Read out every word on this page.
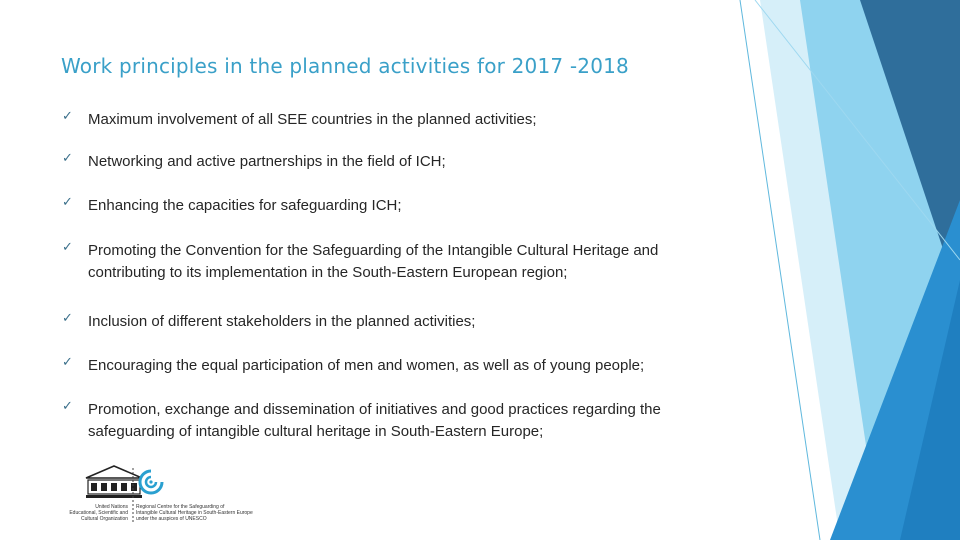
Work principles in the planned activities for 2017 -2018
✓ Maximum involvement of all SEE countries in the planned activities;
✓ Networking and active partnerships in the field of ICH;
✓ Enhancing the capacities for safeguarding ICH;
✓ Promoting the Convention for the Safeguarding of the Intangible Cultural Heritage and contributing to its implementation in the South-Eastern European region;
✓ Inclusion of different stakeholders in the planned activities;
✓ Encouraging the equal participation of men and women, as well as of young people;
✓ Promotion, exchange and dissemination of initiatives and good practices regarding the safeguarding of intangible cultural heritage in South-Eastern Europe;
United Nations
Educational, Scientific and
Cultural Organization
Regional Centre for the Safeguarding of
Intangible Cultural Heritage in South-Eastern Europe
under the auspices of UNESCO
